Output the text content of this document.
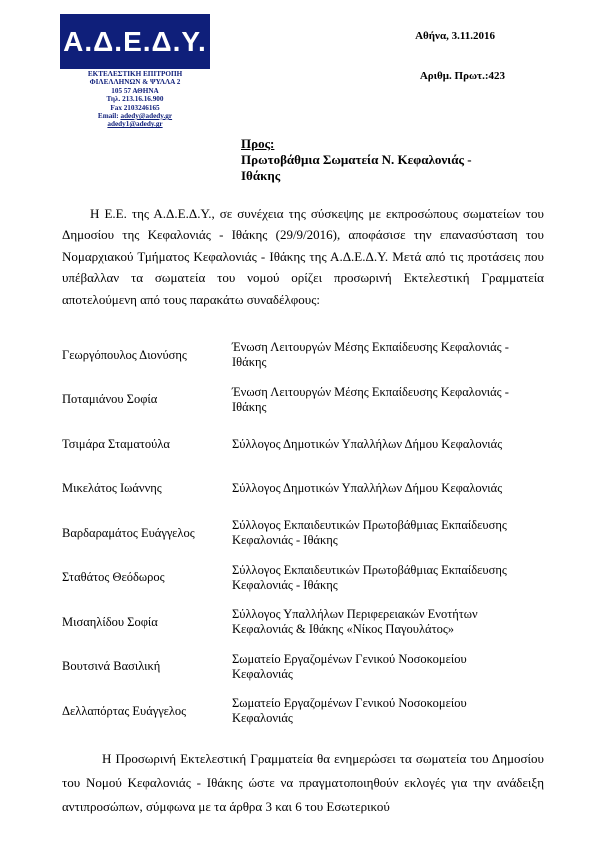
Α.Δ.Ε.Δ.Υ.
ΕΚΤΕΛΕΣΤΙΚΗ ΕΠΙΤΡΟΠΗ
ΦΙΛΕΛΛΗΝΩΝ & ΨΥΛΛΑ 2
105 57 ΑΘΗΝΑ
Τηλ. 213.16.16.900
Fax 2103246165
Email: adedy@adedy.gr
adedy1@adedy.gr
Αθήνα, 3.11.2016
Αριθμ. Πρωτ.:423
Προς:
Πρωτοβάθμια Σωματεία Ν. Κεφαλονιάς - Ιθάκης

Η Ε.Ε. της Α.Δ.Ε.Δ.Υ., σε συνέχεια της σύσκεψης με εκπροσώπους σωματείων του Δημοσίου της Κεφαλονιάς - Ιθάκης (29/9/2016), αποφάσισε την επανασύσταση του Νομαρχιακού Τμήματος Κεφαλονιάς - Ιθάκης της Α.Δ.Ε.Δ.Υ. Μετά από τις προτάσεις που υπέβαλλαν τα σωματεία του νομού ορίζει προσωρινή Εκτελεστική Γραμματεία αποτελούμενη από τους παρακάτω συναδέλφους:

Γεωργόπουλος Διονύσης
Ένωση Λειτουργών Μέσης Εκπαίδευσης Κεφαλονιάς - Ιθάκης
Ποταμιάνου Σοφία
Ένωση Λειτουργών Μέσης Εκπαίδευσης Κεφαλονιάς - Ιθάκης
Τσιμάρα Σταματούλα	Σύλλογος Δημοτικών Υπαλλήλων Δήμου Κεφαλονιάς
Μικελάτος Ιωάννης	Σύλλογος Δημοτικών Υπαλλήλων Δήμου Κεφαλονιάς
Βαρδαραμάτος Ευάγγελος
Σύλλογος Εκπαιδευτικών Πρωτοβάθμιας Εκπαίδευσης Κεφαλονιάς - Ιθάκης
Σταθάτος Θεόδωρος
Σύλλογος Εκπαιδευτικών Πρωτοβάθμιας Εκπαίδευσης Κεφαλονιάς - Ιθάκης
Μισαηλίδου Σοφία
Σύλλογος Υπαλλήλων Περιφερειακών Ενοτήτων Κεφαλονιάς & Ιθάκης «Νίκος Παγουλάτος»
Βουτσινά Βασιλική
Σωματείο Εργαζομένων Γενικού Νοσοκομείου Κεφαλονιάς
Δελλαπόρτας Ευάγγελος
Σωματείο Εργαζομένων Γενικού Νοσοκομείου Κεφαλονιάς

Η Προσωρινή Εκτελεστική Γραμματεία θα ενημερώσει τα σωματεία του Δημοσίου του Νομού Κεφαλονιάς - Ιθάκης ώστε να πραγματοποιηθούν εκλογές για την ανάδειξη αντιπροσώπων, σύμφωνα με τα άρθρα 3 και 6 του Εσωτερικού
